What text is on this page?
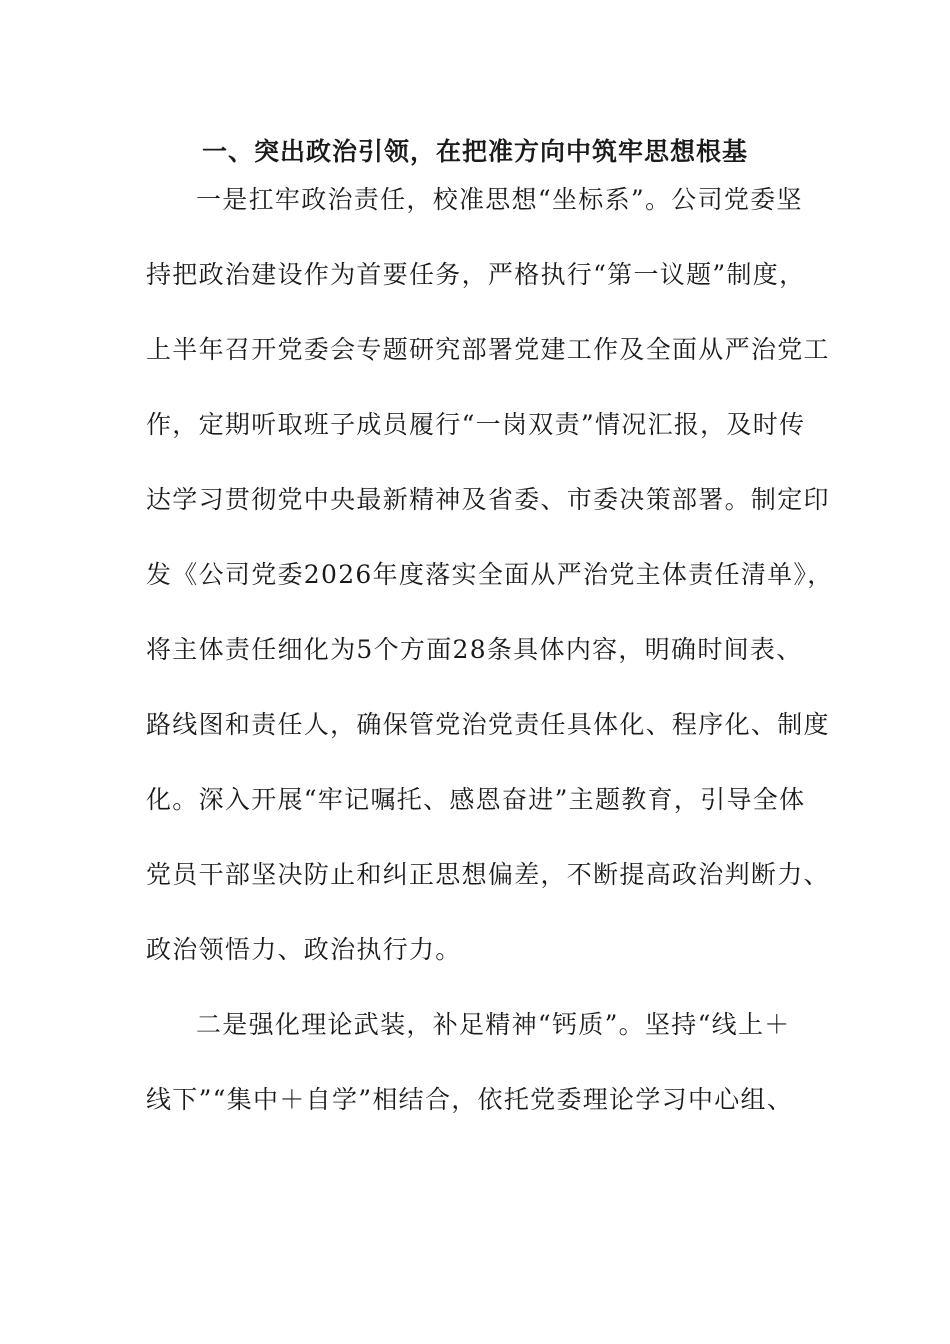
一、突出政治引领，在把准方向中筑牢思想根基
一是扛牢政治责任，校准思想“坐标系”。公司党委坚
持把政治建设作为首要任务，严格执行“第一议题”制度，
上半年召开党委会专题研究部署党建工作及全面从严治党工
作，定期听取班子成员履行“一岗双责”情况汇报，及时传
达学习贯彻党中央最新精神及省委、市委决策部署。制定印
发《公司党委2026年度落实全面从严治党主体责任清单》，
将主体责任细化为5个方面28条具体内容，明确时间表、
路线图和责任人，确保管党治党责任具体化、程序化、制度
化。深入开展“牢记嘱托、感恩奋进”主题教育，引导全体
党员干部坚决防止和纠正思想偏差，不断提高政治判断力、
政治领悟力、政治执行力。
二是强化理论武装，补足精神“钙质”。坚持“线上＋
线下”“集中＋自学”相结合，依托党委理论学习中心组、
